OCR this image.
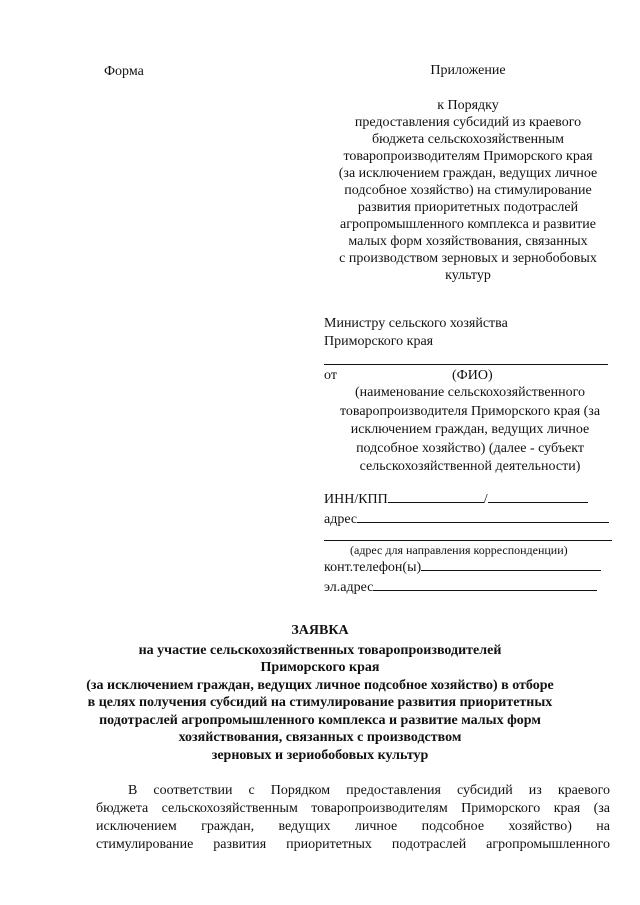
Форма	Приложение
к Порядку
предоставления субсидий из краевого
бюджета сельскохозяйственным
товаропроизводителям Приморского края
(за исключением граждан, ведущих личное
подсобное хозяйство) на стимулирование
развития приоритетных подотраслей
агропромышленного комплекса и развитие
малых форм хозяйствования, связанных
с производством зерновых и зернобобовых
культур
Министру сельского хозяйства
Приморского края
от	(ФИО)
(наименование сельскохозяйственного
товаропроизводителя Приморского края (за
исключением граждан, ведущих личное
подсобное хозяйство) (далее - субъект
сельскохозяйственной деятельности)
ИНН/КПП	/
адрес
(адрес для направления корреспонденции)
конт.телефон(ы)
эл.адрес
ЗАЯВКА
на участие сельскохозяйственных товаропроизводителей
Приморского края
(за исключением граждан, ведущих личное подсобное хозяйство) в отборе
в целях получения субсидий на стимулирование развития приоритетных
подотраслей агропромышленного комплекса и развитие малых форм
хозяйствования, связанных с производством
зерновых и зериобобовых культур
В соответствии с Порядком предоставления субсидий из краевого
бюджета сельскохозяйственным товаропроизводителям Приморского края (за
исключением граждан, ведущих личное подсобное хозяйство) на
стимулирование развития приоритетных подотраслей агропромышленного
